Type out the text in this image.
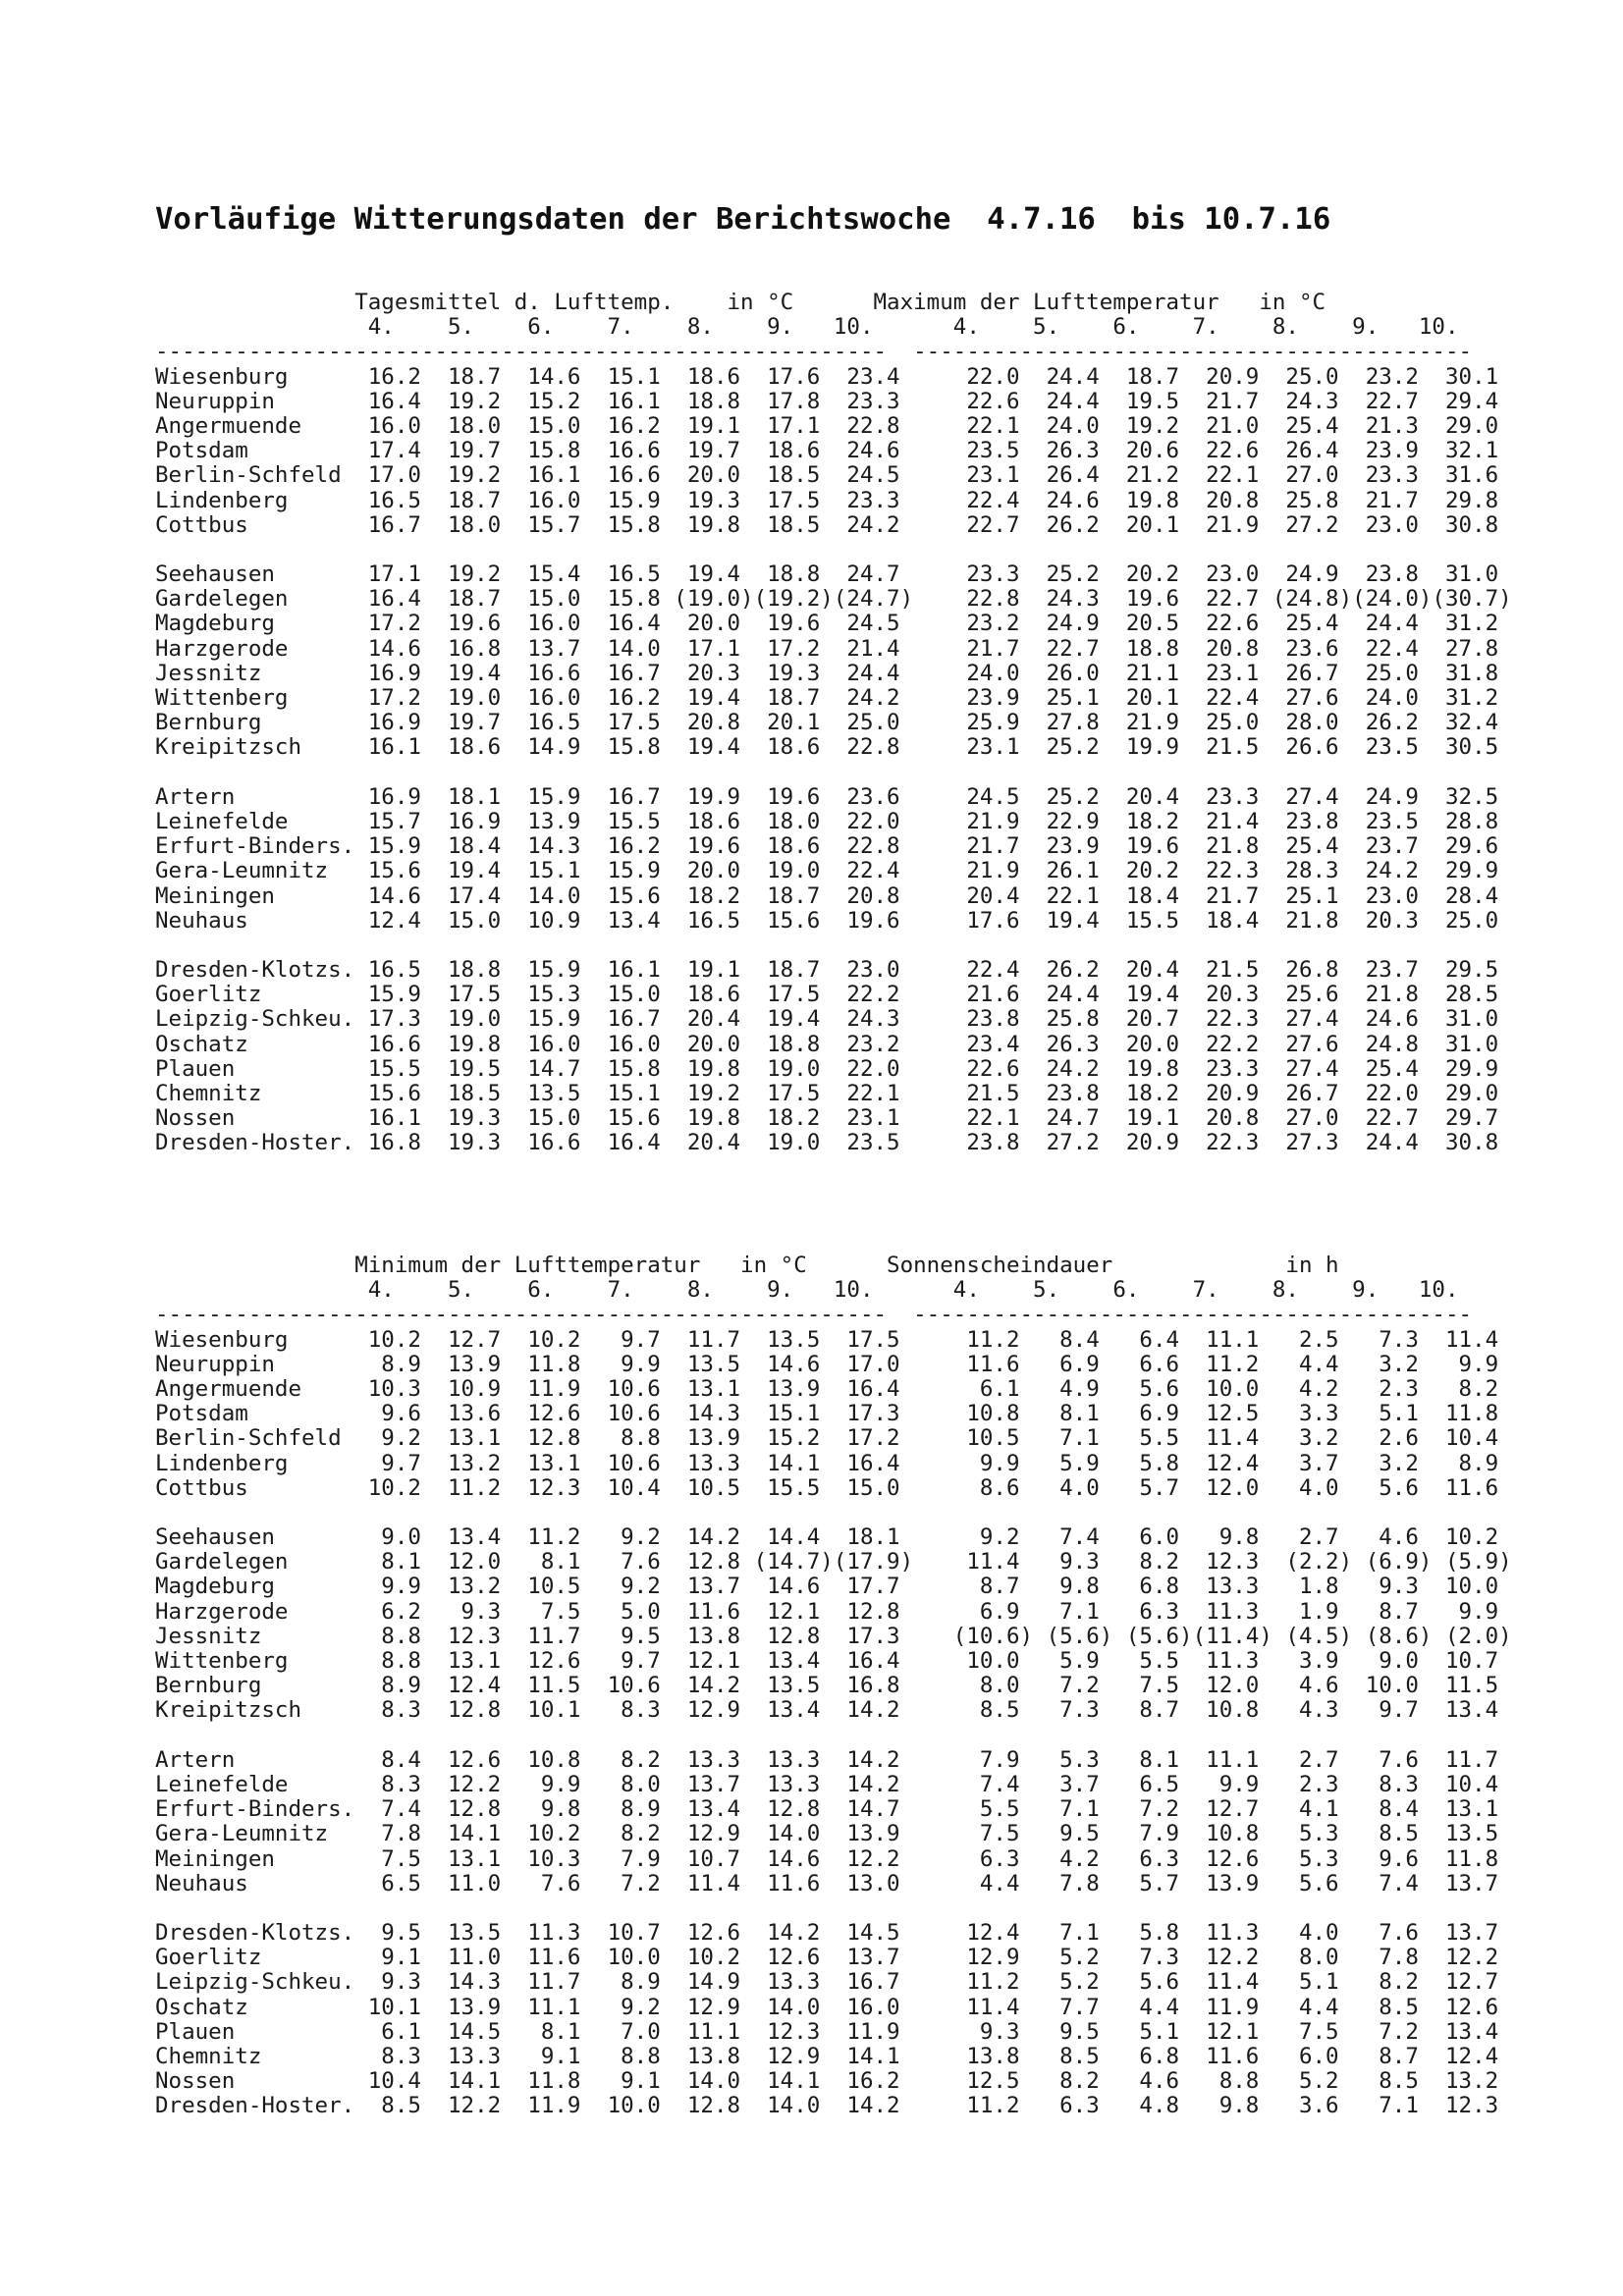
Vorläufige Witterungsdaten der Berichtswoche  4.7.16  bis 10.7.16
Tagesmittel d. Lufttemp.    in °C      Maximum der Lufttemperatur   in °C
4.    5.    6.    7.    8.    9.   10.      4.    5.    6.    7.    8.    9.   10.
-------------------------------------------------------  ------------------------------------------
Wiesenburg      16.2  18.7  14.6  15.1  18.6  17.6  23.4     22.0  24.4  18.7  20.9  25.0  23.2  30.1
Neuruppin       16.4  19.2  15.2  16.1  18.8  17.8  23.3     22.6  24.4  19.5  21.7  24.3  22.7  29.4
Angermuende     16.0  18.0  15.0  16.2  19.1  17.1  22.8     22.1  24.0  19.2  21.0  25.4  21.3  29.0
Potsdam         17.4  19.7  15.8  16.6  19.7  18.6  24.6     23.5  26.3  20.6  22.6  26.4  23.9  32.1
Berlin-Schfeld  17.0  19.2  16.1  16.6  20.0  18.5  24.5     23.1  26.4  21.2  22.1  27.0  23.3  31.6
Lindenberg      16.5  18.7  16.0  15.9  19.3  17.5  23.3     22.4  24.6  19.8  20.8  25.8  21.7  29.8
Cottbus         16.7  18.0  15.7  15.8  19.8  18.5  24.2     22.7  26.2  20.1  21.9  27.2  23.0  30.8

Seehausen       17.1  19.2  15.4  16.5  19.4  18.8  24.7     23.3  25.2  20.2  23.0  24.9  23.8  31.0
Gardelegen      16.4  18.7  15.0  15.8 (19.0)(19.2)(24.7)    22.8  24.3  19.6  22.7 (24.8)(24.0)(30.7)
Magdeburg       17.2  19.6  16.0  16.4  20.0  19.6  24.5     23.2  24.9  20.5  22.6  25.4  24.4  31.2
Harzgerode      14.6  16.8  13.7  14.0  17.1  17.2  21.4     21.7  22.7  18.8  20.8  23.6  22.4  27.8
Jessnitz        16.9  19.4  16.6  16.7  20.3  19.3  24.4     24.0  26.0  21.1  23.1  26.7  25.0  31.8
Wittenberg      17.2  19.0  16.0  16.2  19.4  18.7  24.2     23.9  25.1  20.1  22.4  27.6  24.0  31.2
Bernburg        16.9  19.7  16.5  17.5  20.8  20.1  25.0     25.9  27.8  21.9  25.0  28.0  26.2  32.4
Kreipitzsch     16.1  18.6  14.9  15.8  19.4  18.6  22.8     23.1  25.2  19.9  21.5  26.6  23.5  30.5

Artern          16.9  18.1  15.9  16.7  19.9  19.6  23.6     24.5  25.2  20.4  23.3  27.4  24.9  32.5
Leinefelde      15.7  16.9  13.9  15.5  18.6  18.0  22.0     21.9  22.9  18.2  21.4  23.8  23.5  28.8
Erfurt-Binders. 15.9  18.4  14.3  16.2  19.6  18.6  22.8     21.7  23.9  19.6  21.8  25.4  23.7  29.6
Gera-Leumnitz   15.6  19.4  15.1  15.9  20.0  19.0  22.4     21.9  26.1  20.2  22.3  28.3  24.2  29.9
Meiningen       14.6  17.4  14.0  15.6  18.2  18.7  20.8     20.4  22.1  18.4  21.7  25.1  23.0  28.4
Neuhaus         12.4  15.0  10.9  13.4  16.5  15.6  19.6     17.6  19.4  15.5  18.4  21.8  20.3  25.0

Dresden-Klotzs. 16.5  18.8  15.9  16.1  19.1  18.7  23.0     22.4  26.2  20.4  21.5  26.8  23.7  29.5
Goerlitz        15.9  17.5  15.3  15.0  18.6  17.5  22.2     21.6  24.4  19.4  20.3  25.6  21.8  28.5
Leipzig-Schkeu. 17.3  19.0  15.9  16.7  20.4  19.4  24.3     23.8  25.8  20.7  22.3  27.4  24.6  31.0
Oschatz         16.6  19.8  16.0  16.0  20.0  18.8  23.2     23.4  26.3  20.0  22.2  27.6  24.8  31.0
Plauen          15.5  19.5  14.7  15.8  19.8  19.0  22.0     22.6  24.2  19.8  23.3  27.4  25.4  29.9
Chemnitz        15.6  18.5  13.5  15.1  19.2  17.5  22.1     21.5  23.8  18.2  20.9  26.7  22.0  29.0
Nossen          16.1  19.3  15.0  15.6  19.8  18.2  23.1     22.1  24.7  19.1  20.8  27.0  22.7  29.7
Dresden-Hoster. 16.8  19.3  16.6  16.4  20.4  19.0  23.5     23.8  27.2  20.9  22.3  27.3  24.4  30.8
Minimum der Lufttemperatur   in °C      Sonnenscheindauer             in h
4.    5.    6.    7.    8.    9.   10.      4.    5.    6.    7.    8.    9.   10.
-------------------------------------------------------  ------------------------------------------
Wiesenburg      10.2  12.7  10.2   9.7  11.7  13.5  17.5     11.2   8.4   6.4  11.1   2.5   7.3  11.4
Neuruppin        8.9  13.9  11.8   9.9  13.5  14.6  17.0     11.6   6.9   6.6  11.2   4.4   3.2   9.9
Angermuende     10.3  10.9  11.9  10.6  13.1  13.9  16.4      6.1   4.9   5.6  10.0   4.2   2.3   8.2
Potsdam          9.6  13.6  12.6  10.6  14.3  15.1  17.3     10.8   8.1   6.9  12.5   3.3   5.1  11.8
Berlin-Schfeld   9.2  13.1  12.8   8.8  13.9  15.2  17.2     10.5   7.1   5.5  11.4   3.2   2.6  10.4
Lindenberg       9.7  13.2  13.1  10.6  13.3  14.1  16.4      9.9   5.9   5.8  12.4   3.7   3.2   8.9
Cottbus         10.2  11.2  12.3  10.4  10.5  15.5  15.0      8.6   4.0   5.7  12.0   4.0   5.6  11.6

Seehausen        9.0  13.4  11.2   9.2  14.2  14.4  18.1      9.2   7.4   6.0   9.8   2.7   4.6  10.2
Gardelegen       8.1  12.0   8.1   7.6  12.8 (14.7)(17.9)    11.4   9.3   8.2  12.3  (2.2) (6.9) (5.9)
Magdeburg        9.9  13.2  10.5   9.2  13.7  14.6  17.7      8.7   9.8   6.8  13.3   1.8   9.3  10.0
Harzgerode       6.2   9.3   7.5   5.0  11.6  12.1  12.8      6.9   7.1   6.3  11.3   1.9   8.7   9.9
Jessnitz         8.8  12.3  11.7   9.5  13.8  12.8  17.3    (10.6) (5.6) (5.6)(11.4) (4.5) (8.6) (2.0)
Wittenberg       8.8  13.1  12.6   9.7  12.1  13.4  16.4     10.0   5.9   5.5  11.3   3.9   9.0  10.7
Bernburg         8.9  12.4  11.5  10.6  14.2  13.5  16.8      8.0   7.2   7.5  12.0   4.6  10.0  11.5
Kreipitzsch      8.3  12.8  10.1   8.3  12.9  13.4  14.2      8.5   7.3   8.7  10.8   4.3   9.7  13.4

Artern           8.4  12.6  10.8   8.2  13.3  13.3  14.2      7.9   5.3   8.1  11.1   2.7   7.6  11.7
Leinefelde       8.3  12.2   9.9   8.0  13.7  13.3  14.2      7.4   3.7   6.5   9.9   2.3   8.3  10.4
Erfurt-Binders.  7.4  12.8   9.8   8.9  13.4  12.8  14.7      5.5   7.1   7.2  12.7   4.1   8.4  13.1
Gera-Leumnitz    7.8  14.1  10.2   8.2  12.9  14.0  13.9      7.5   9.5   7.9  10.8   5.3   8.5  13.5
Meiningen        7.5  13.1  10.3   7.9  10.7  14.6  12.2      6.3   4.2   6.3  12.6   5.3   9.6  11.8
Neuhaus          6.5  11.0   7.6   7.2  11.4  11.6  13.0      4.4   7.8   5.7  13.9   5.6   7.4  13.7

Dresden-Klotzs.  9.5  13.5  11.3  10.7  12.6  14.2  14.5     12.4   7.1   5.8  11.3   4.0   7.6  13.7
Goerlitz         9.1  11.0  11.6  10.0  10.2  12.6  13.7     12.9   5.2   7.3  12.2   8.0   7.8  12.2
Leipzig-Schkeu.  9.3  14.3  11.7   8.9  14.9  13.3  16.7     11.2   5.2   5.6  11.4   5.1   8.2  12.7
Oschatz         10.1  13.9  11.1   9.2  12.9  14.0  16.0     11.4   7.7   4.4  11.9   4.4   8.5  12.6
Plauen           6.1  14.5   8.1   7.0  11.1  12.3  11.9      9.3   9.5   5.1  12.1   7.5   7.2  13.4
Chemnitz         8.3  13.3   9.1   8.8  13.8  12.9  14.1     13.8   8.5   6.8  11.6   6.0   8.7  12.4
Nossen          10.4  14.1  11.8   9.1  14.0  14.1  16.2     12.5   8.2   4.6   8.8   5.2   8.5  13.2
Dresden-Hoster.  8.5  12.2  11.9  10.0  12.8  14.0  14.2     11.2   6.3   4.8   9.8   3.6   7.1  12.3
